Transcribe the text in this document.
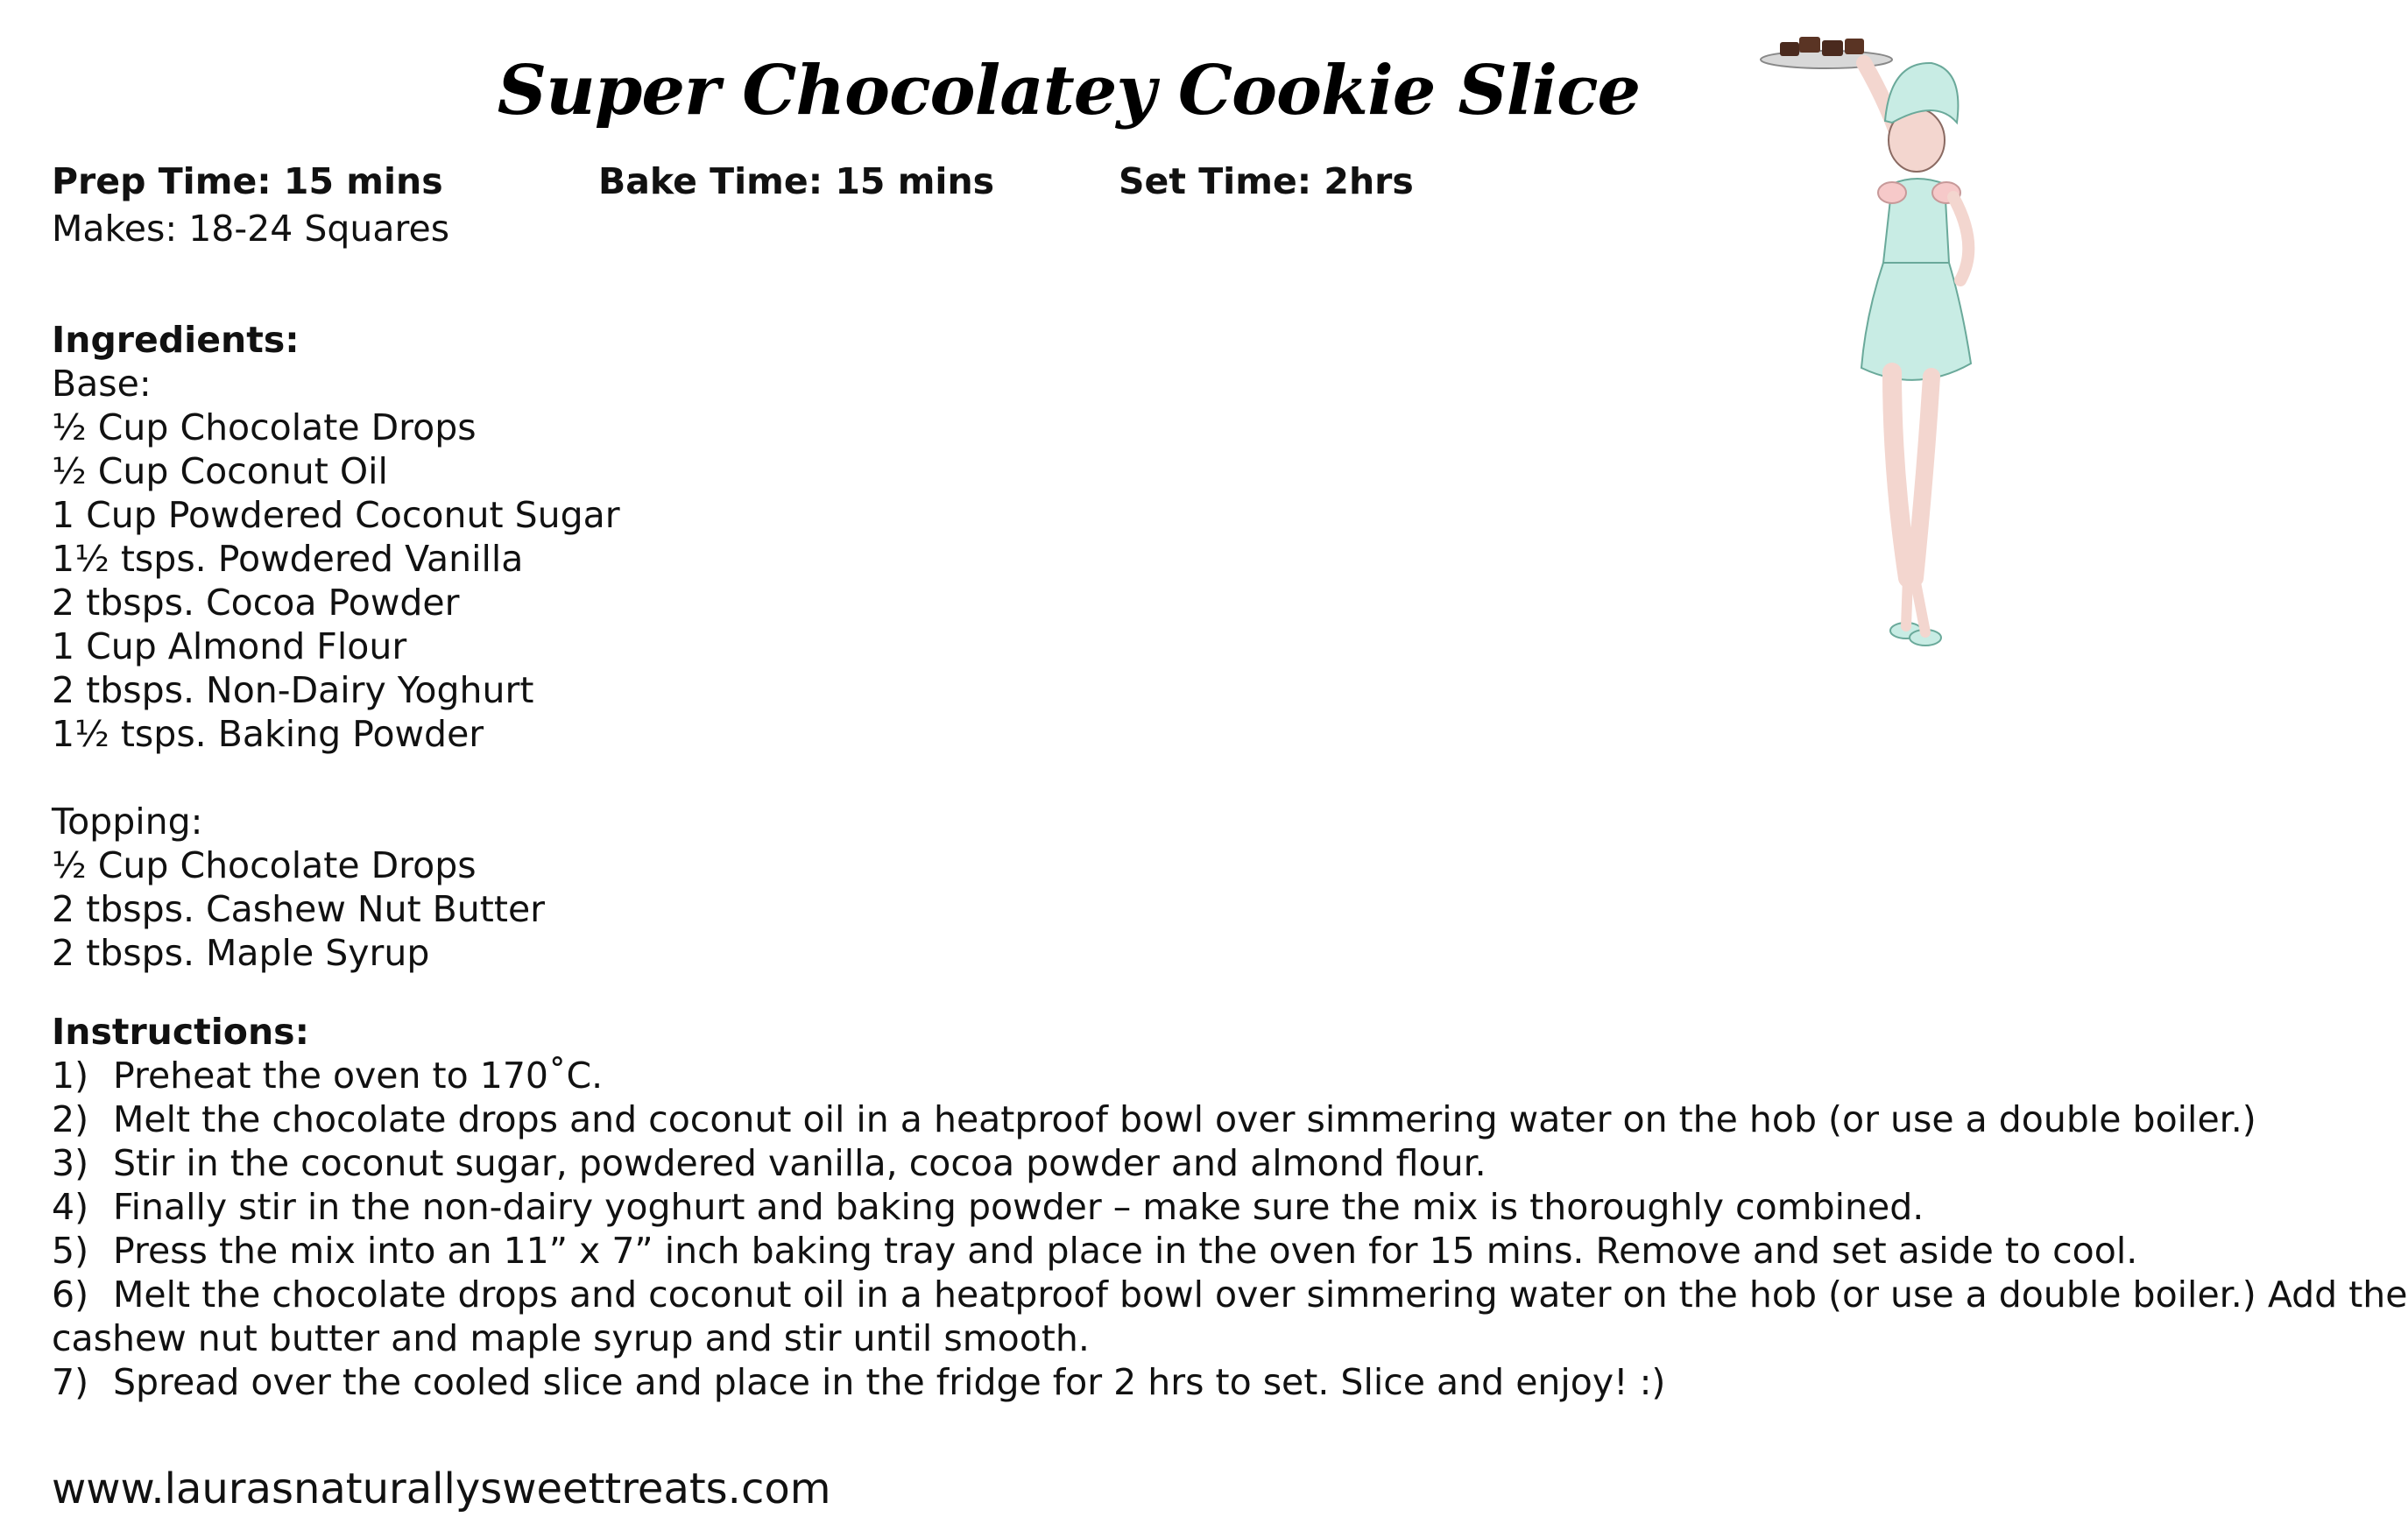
Super Chocolatey Cookie Slice
Prep Time: 15 mins	Bake Time: 15 mins	Set Time: 2hrs
Makes: 18-24 Squares
Ingredients:
Base:
½ Cup Chocolate Drops
½ Cup Coconut Oil
1 Cup Powdered Coconut Sugar
1½ tsps. Powdered Vanilla
2 tbsps. Cocoa Powder
1 Cup Almond Flour
2 tbsps. Non-Dairy Yoghurt
1½ tsps. Baking Powder
Topping:
½ Cup Chocolate Drops
2 tbsps. Cashew Nut Butter
2 tbsps. Maple Syrup
Instructions:
1) Preheat the oven to 170˚C.
2) Melt the chocolate drops and coconut oil in a heatproof bowl over simmering water on the hob (or use a double boiler.)
3) Stir in the coconut sugar, powdered vanilla, cocoa powder and almond flour.
4) Finally stir in the non-dairy yoghurt and baking powder – make sure the mix is thoroughly combined.
5) Press the mix into an 11” x 7” inch baking tray and place in the oven for 15 mins. Remove and set aside to cool.
6) Melt the chocolate drops and coconut oil in a heatproof bowl over simmering water on the hob (or use a double boiler.) Add the
cashew nut butter and maple syrup and stir until smooth.
7) Spread over the cooled slice and place in the fridge for 2 hrs to set. Slice and enjoy! :)
www.laurasnaturallysweettreats.com
